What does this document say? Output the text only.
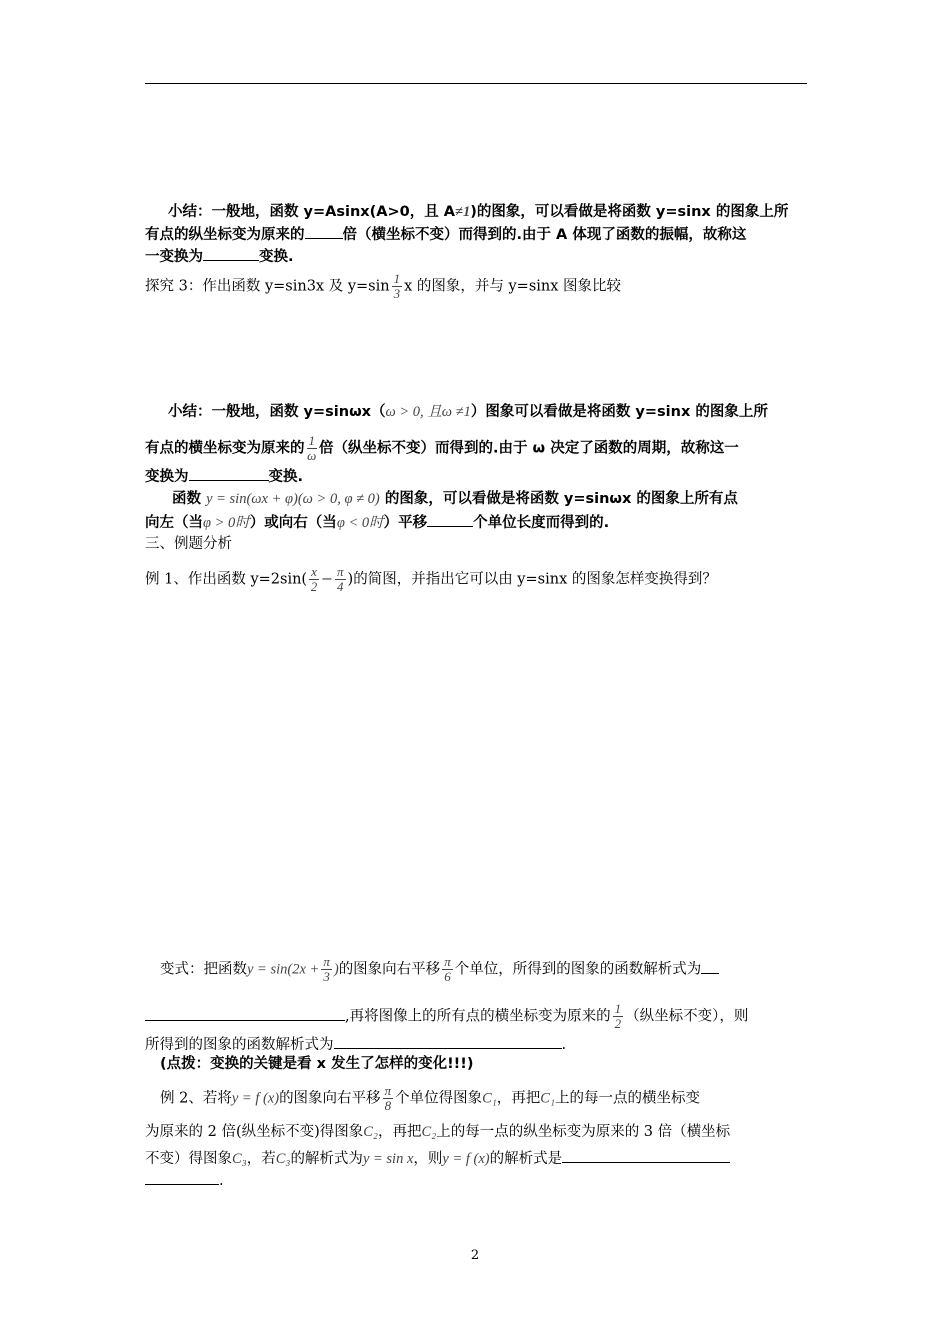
小结：一般地，函数 y=Asinx(A>0，且 A≠1)的图象，可以看做是将函数 y=sinx 的图象上所
有点的纵坐标变为原来的	倍（横坐标不变）而得到的.由于 A 体现了函数的振幅，故称这
一变换为	变换.
探究 3：作出函数 y=sin3x 及 $y=\sin \frac{1}{3}$ x 的图象，并与 y=sinx 图象比较
小结：一般地，函数 y=sinωx（ω > 0, 且ω ≠1）图象可以看做是将函数 y=sinx 的图象上所
有点的横坐标变为原来的 $\frac{1}{\omega}$ 倍（纵坐标不变）而得到的.由于 ω 决定了函数的周期，故称这一
变换为	变换.
函数 y = sin(ωx + φ)(ω > 0, φ ≠ 0) 的图象，可以看做是将函数 y=sinωx 的图象上所有点
向左（当φ > 0时）或向右（当φ < 0时）平移	个单位长度而得到的.
三、例题分析
例 1、作出函数 $y=2\sin( \frac{x}{2} - \frac{\pi}{4}$ )的简图，并指出它可以由 y=sinx 的图象怎样变换得到？
变式：把函数$y = \sin(2x + \frac{\pi}{3}$ )的图象向右平移 $\frac{\pi}{6}$ 个单位，所得到的图象的函数解析式为
,再将图像上的所有点的横坐标变为原来的 $\frac{1}{2}$ （纵坐标不变），则
所得到的图象的函数解析式为	.
(点拨：变换的关键是看 x 发生了怎样的变化!!!)
例 2、若将y = f (x)的图象向右平移 $\frac{\pi}{8}$ 个单位得图象C₁，再把C₁上的每一点的横坐标变
为原来的 2 倍(纵坐标不变)得图象C₂，再把C₂上的每一点的纵坐标变为原来的 3 倍（横坐标
不变）得图象C₃，若C₃的解析式为y = sin x，则y = f (x)的解析式是
.
2
